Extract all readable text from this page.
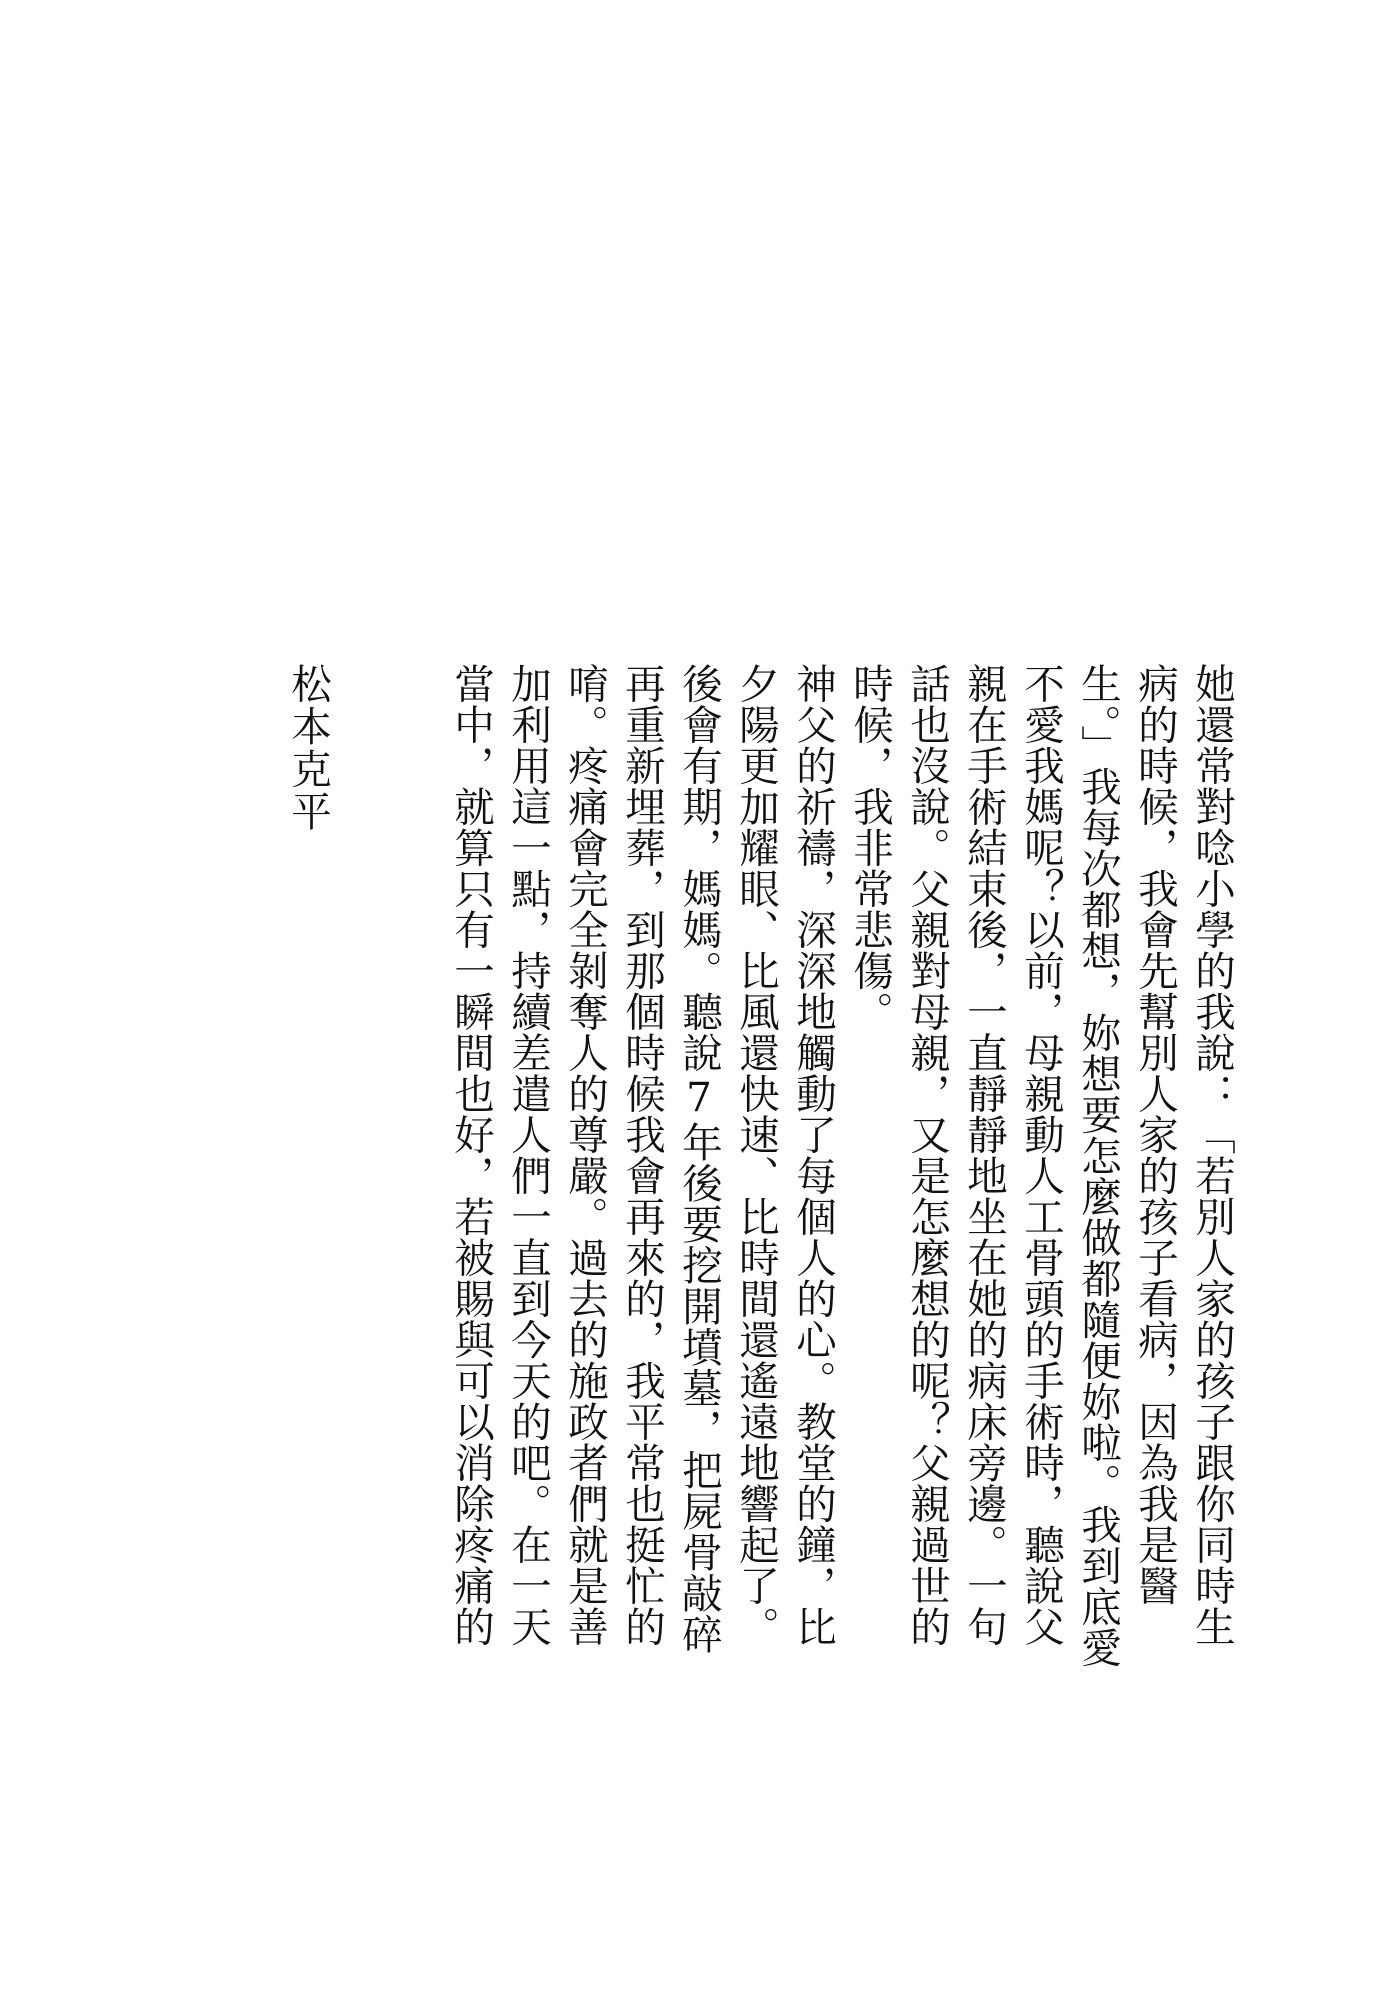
她還常對唸小學的我說：「若別人家的孩子跟你同時生病的時候，我會先幫別人家的孩子看病，因為我是醫生。」我每次都想，妳想要怎麼做都隨便妳啦。我到底愛不愛我媽呢？以前，母親動人工骨頭的手術時，聽說父親在手術結束後，一直靜靜地坐在她的病床旁邊。一句話也沒說。父親對母親，又是怎麼想的呢？父親過世的時候，我非常悲傷。

神父的祈禱，深深地觸動了每個人的心。教堂的鐘，比夕陽更加耀眼、比風還快速、比時間還遙遠地響起了。後會有期，媽媽。聽說7年後要挖開墳墓，把屍骨敲碎再重新埋葬，到那個時候我會再來的，我平常也挺忙的唷。疼痛會完全剝奪人的尊嚴。過去的施政者們就是善加利用這一點，持續差遣人們一直到今天的吧。在一天當中，就算只有一瞬間也好，若被賜與可以消除疼痛的

松本克平
